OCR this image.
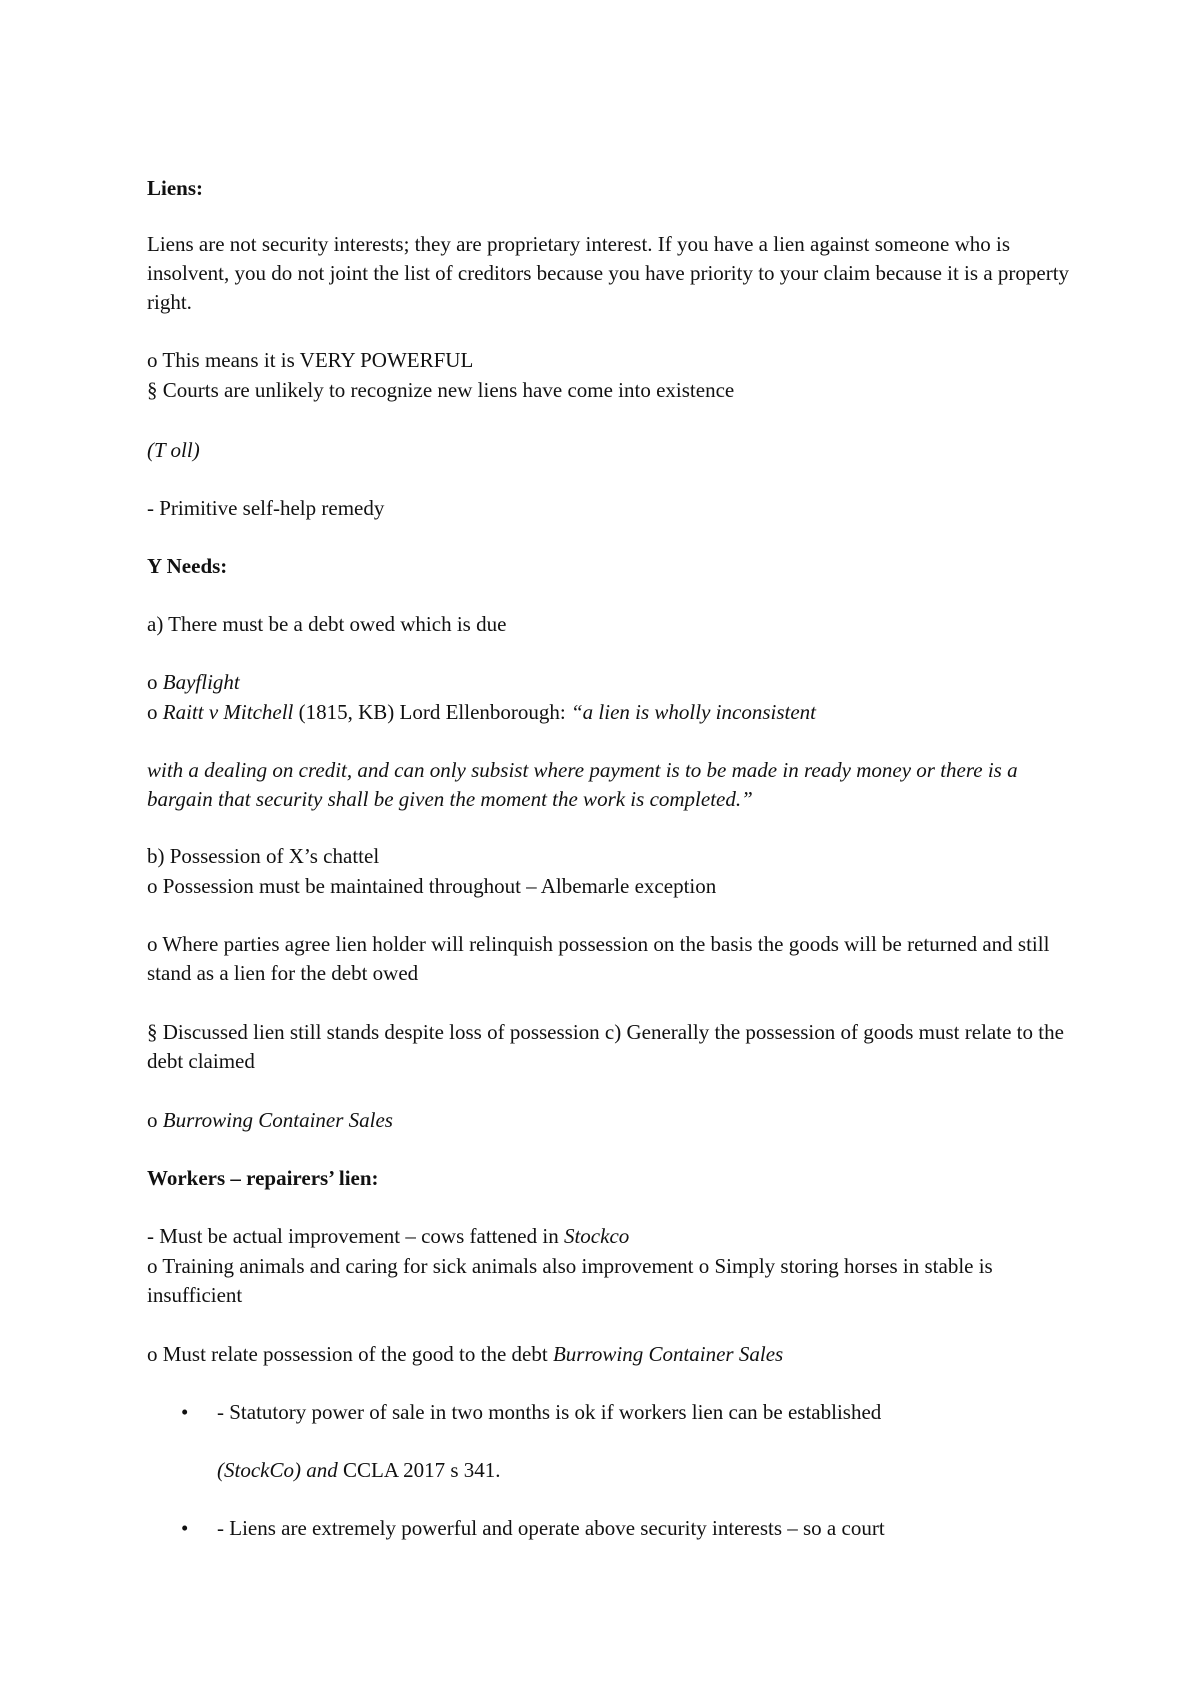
Liens:

Liens are not security interests; they are proprietary interest. If you have a lien against someone who is insolvent, you do not joint the list of creditors because you have priority to your claim because it is a property right.

o This means it is VERY POWERFUL

§ Courts are unlikely to recognize new liens have come into existence

(T oll)

- Primitive self-help remedy

Y Needs:

a) There must be a debt owed which is due

o Bayflight

o Raitt v Mitchell (1815, KB) Lord Ellenborough: “a lien is wholly inconsistent

with a dealing on credit, and can only subsist where payment is to be made in ready money or there is a bargain that security shall be given the moment the work is completed.”

b) Possession of X’s chattel

o Possession must be maintained throughout – Albemarle exception

o Where parties agree lien holder will relinquish possession on the basis the goods will be returned and still stand as a lien for the debt owed

§ Discussed lien still stands despite loss of possession c) Generally the possession of goods must relate to the debt claimed

o Burrowing Container Sales

Workers – repairers’ lien:

- Must be actual improvement – cows fattened in Stockco

o Training animals and caring for sick animals also improvement o Simply storing horses in stable is insufficient

o Must relate possession of the good to the debt Burrowing Container Sales

• - Statutory power of sale in two months is ok if workers lien can be established

(StockCo) and CCLA 2017 s 341.

• - Liens are extremely powerful and operate above security interests – so a court
